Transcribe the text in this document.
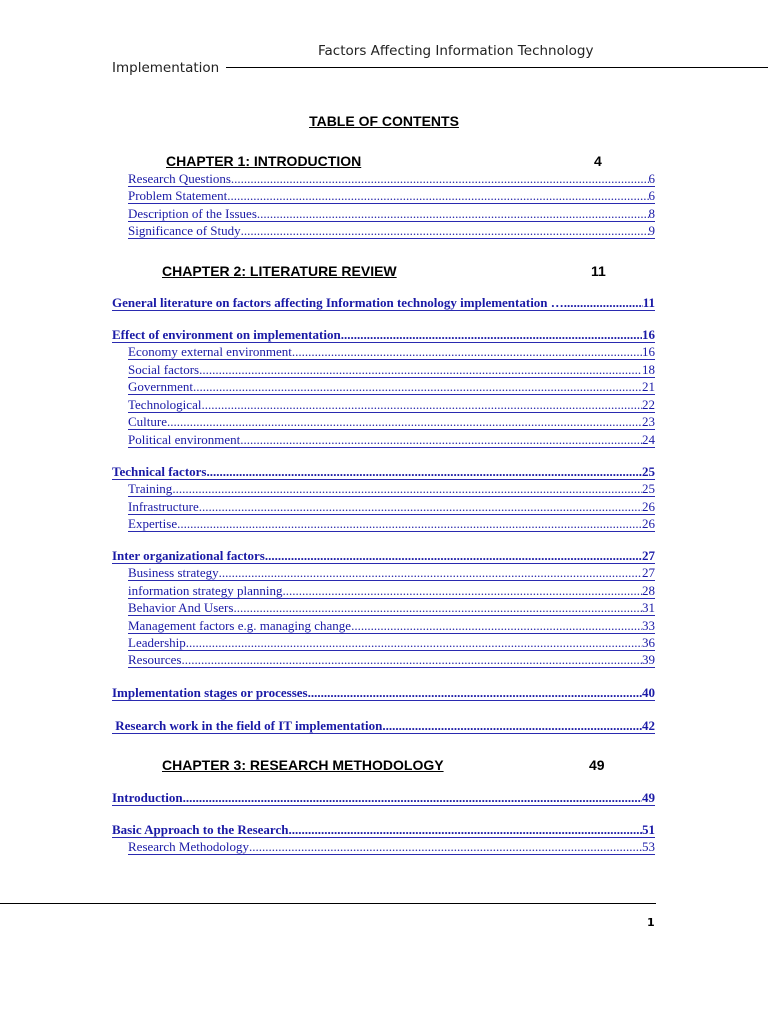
Factors Affecting Information Technology
Implementation
TABLE OF CONTENTS
CHAPTER 1: INTRODUCTION	4
Research Questions .....	6
Problem Statement .....	6
Description of the Issues .....	8
Significance of Study .....	9
CHAPTER 2: LITERATURE REVIEW	11
General literature on factors affecting Information technology implementation …. .....	11
Effect of environment on implementation .....	16
Economy external environment .....	16
Social factors .....	18
Government .....	21
Technological .....	22
Culture .....	23
Political environment .....	24
Technical factors .....	25
Training .....	25
Infrastructure .....	26
Expertise .....	26
Inter organizational factors .....	27
Business strategy .....	27
information strategy planning .....	28
Behavior And Users .....	31
Management factors e.g. managing change .....	33
Leadership .....	36
Resources .....	39
Implementation stages or processes .....	40
Research work in the field of IT implementation .....	42
CHAPTER 3: RESEARCH METHODOLOGY	49
Introduction .....	49
Basic Approach to the Research .....	51
Research Methodology .....	53
1
